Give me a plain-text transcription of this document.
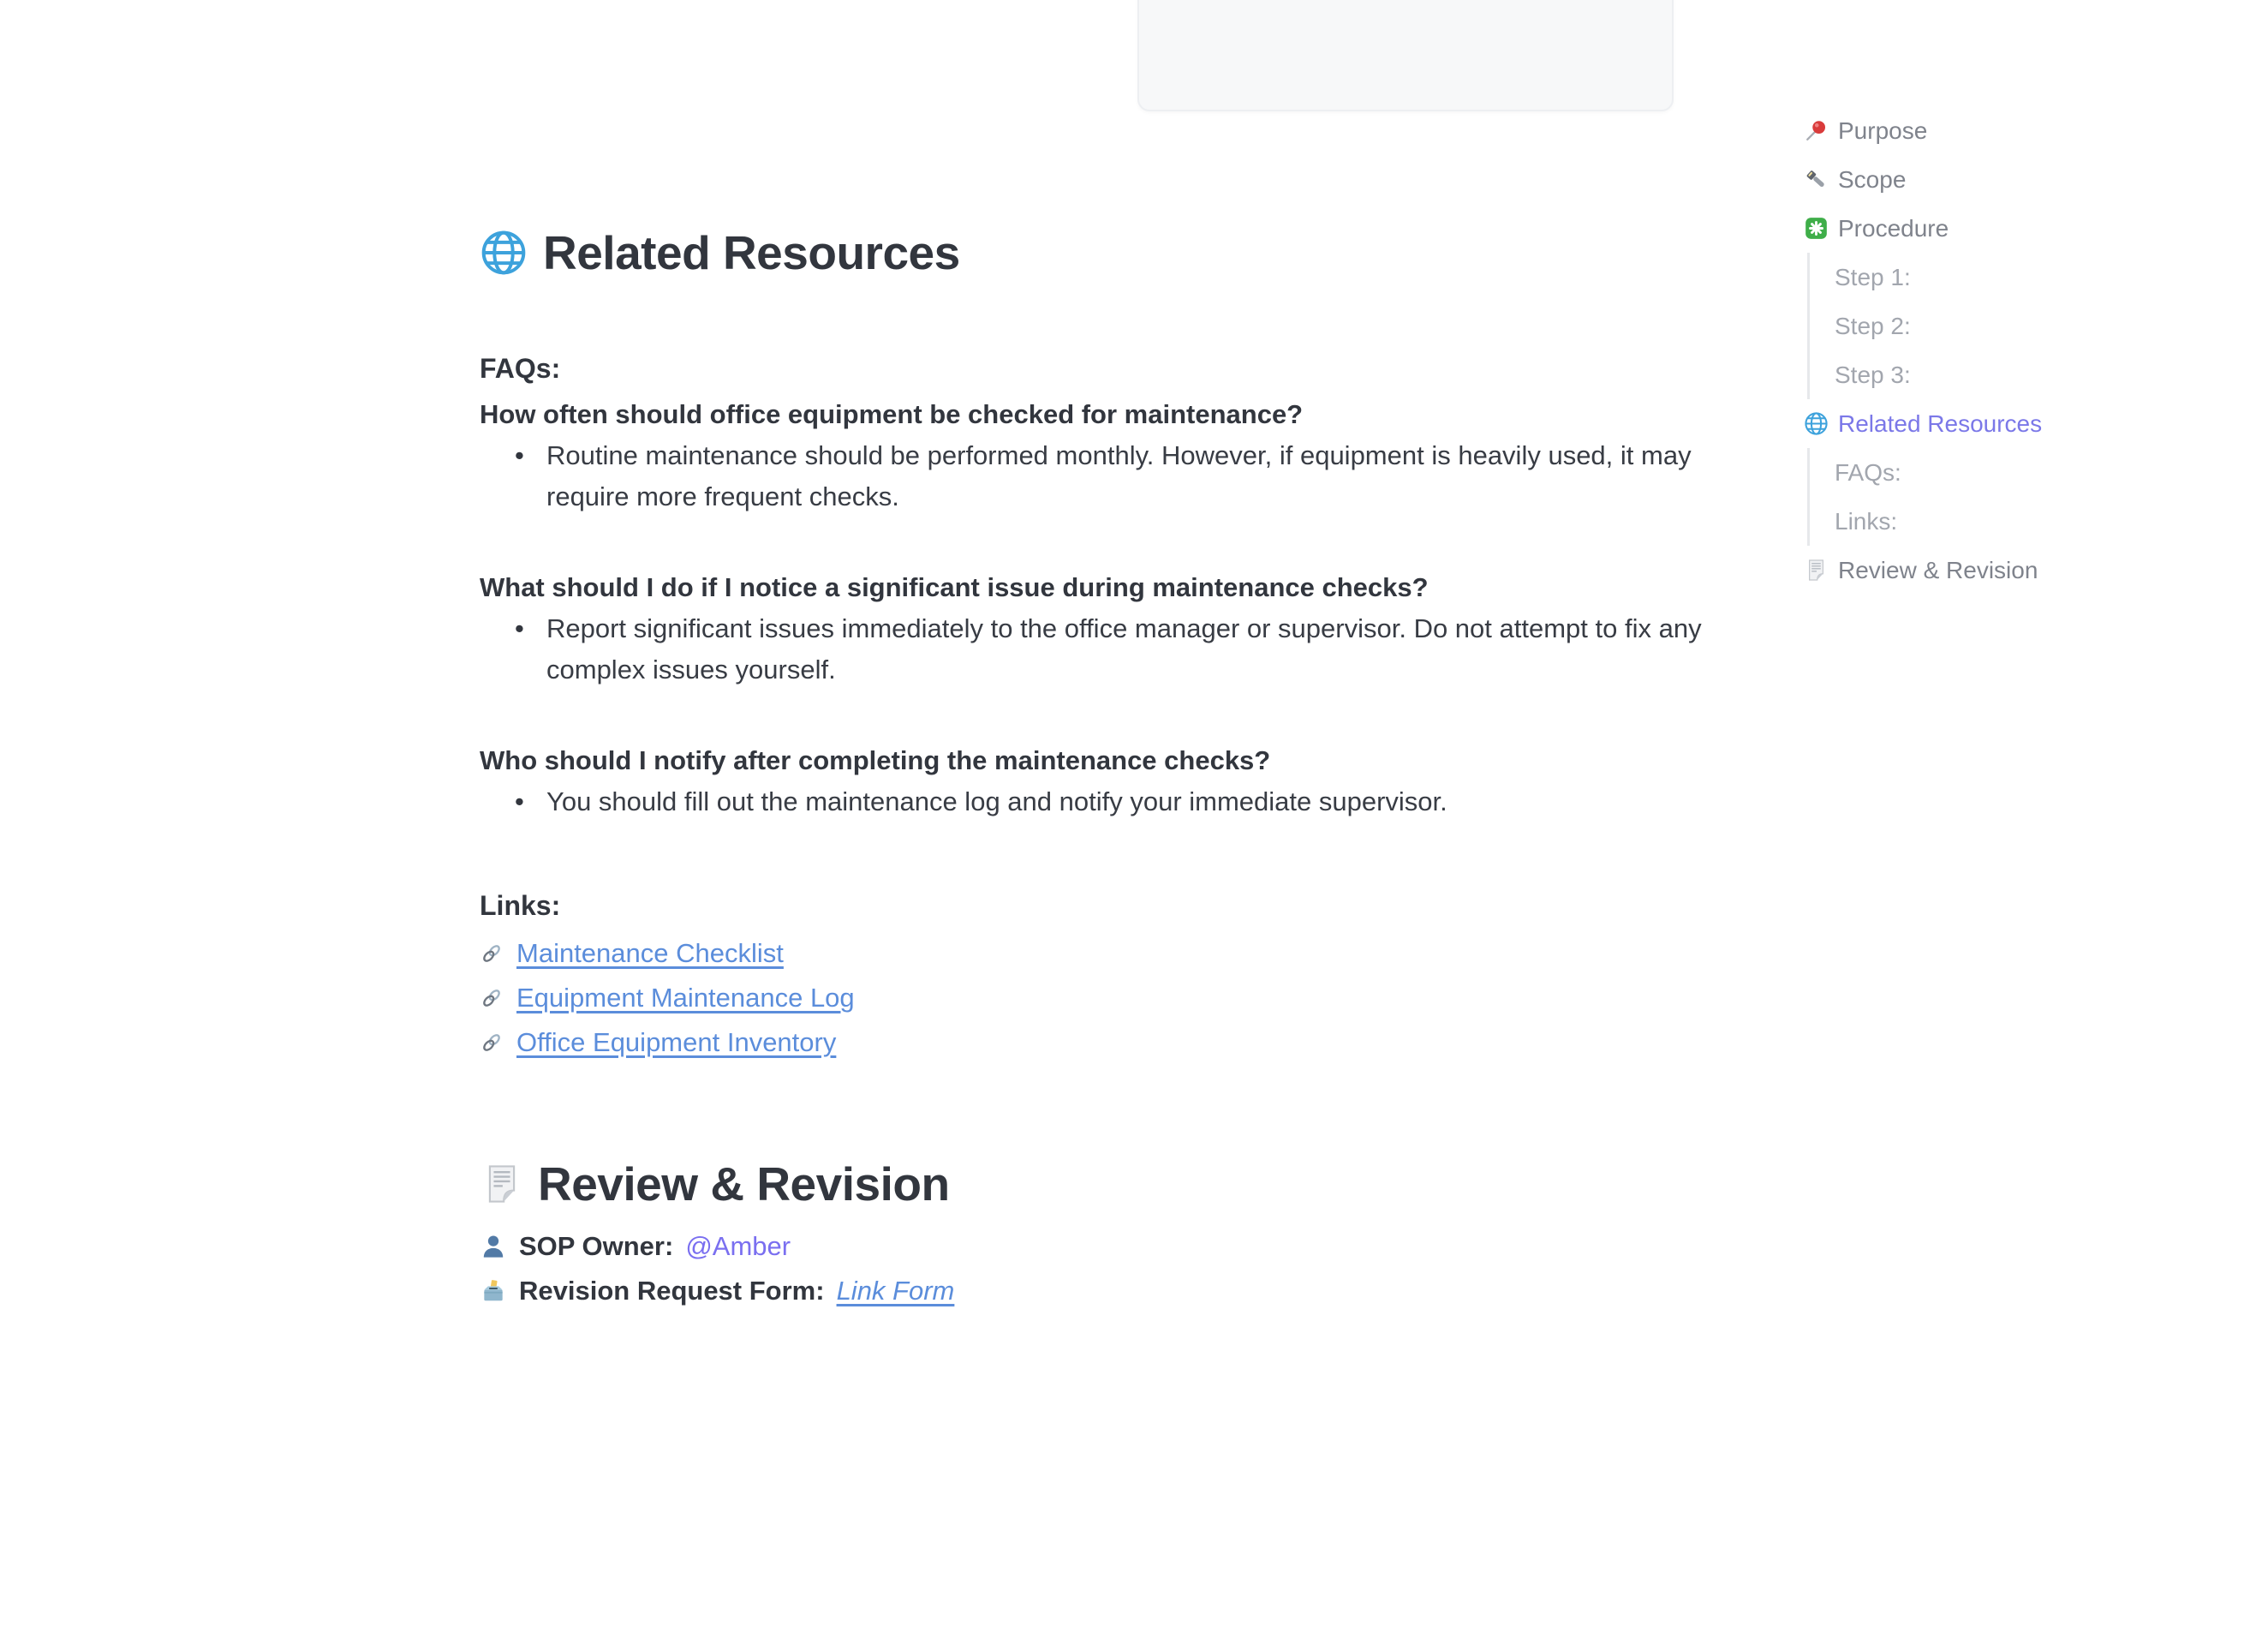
Related Resources

FAQs:

How often should office equipment be checked for maintenance?

• Routine maintenance should be performed monthly. However, if equipment is heavily used, it may require more frequent checks.

What should I do if I notice a significant issue during maintenance checks?

• Report significant issues immediately to the office manager or supervisor. Do not attempt to fix any complex issues yourself.

Who should I notify after completing the maintenance checks?

• You should fill out the maintenance log and notify your immediate supervisor.

Links:

Maintenance Checklist
Equipment Maintenance Log
Office Equipment Inventory
Review & Revision
SOP Owner: @Amber
Revision Request Form: Link Form
Purpose
Scope
Procedure
Step 1:
Step 2:
Step 3:
Related Resources
FAQs:
Links:
Review & Revision
